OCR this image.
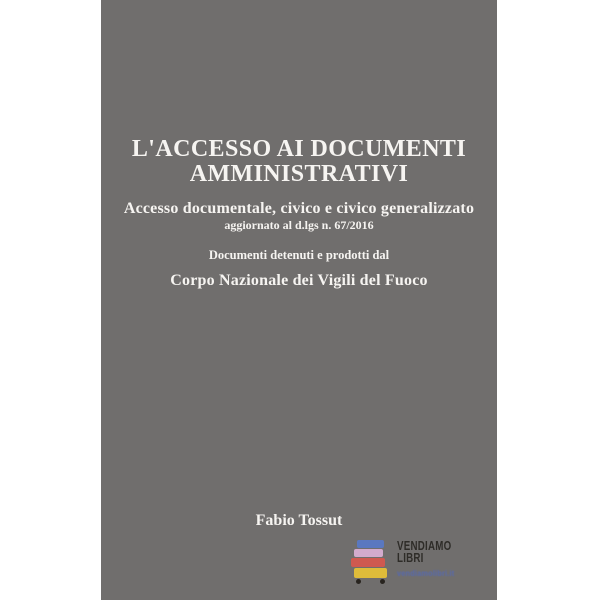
L'ACCESSO AI DOCUMENTI
AMMINISTRATIVI
Accesso documentale, civico e civico generalizzato
aggiornato al d.lgs n. 67/2016
Documenti detenuti e prodotti dal
Corpo Nazionale dei Vigili del Fuoco
Fabio Tossut
VENDIAMO
LIBRI
vendiamolibri.it
